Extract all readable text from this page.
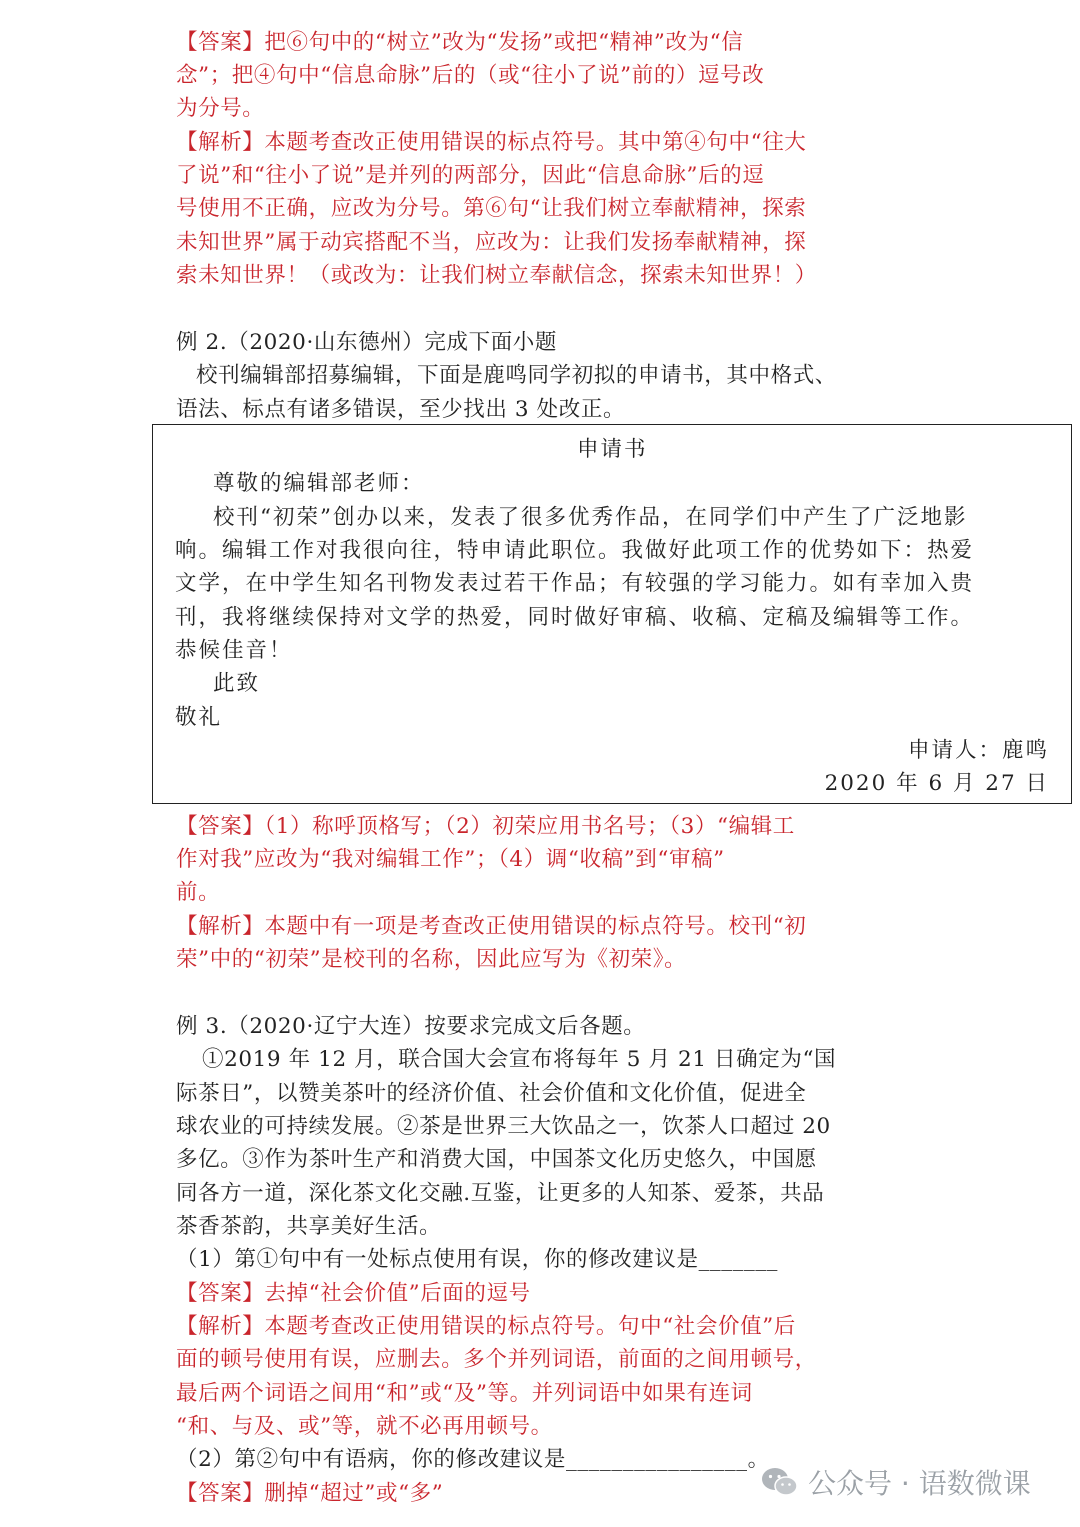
【答案】把⑥句中的“树立”改为“发扬”或把“精神”改为“信
念”；把④句中“信息命脉”后的（或“往小了说”前的）逗号改
为分号。
【解析】本题考查改正使用错误的标点符号。其中第④句中“往大
了说”和“往小了说”是并列的两部分，因此“信息命脉”后的逗
号使用不正确，应改为分号。第⑥句“让我们树立奉献精神，探索
未知世界”属于动宾搭配不当，应改为：让我们发扬奉献精神，探
索未知世界！（或改为：让我们树立奉献信念，探索未知世界！）
例 2.（2020·山东德州）完成下面小题
校刊编辑部招募编辑，下面是鹿鸣同学初拟的申请书，其中格式、
语法、标点有诸多错误，至少找出 3 处改正。
申请书
尊敬的编辑部老师：
校刊“初荣”创办以来，发表了很多优秀作品，在同学们中产生了广泛地影
响。编辑工作对我很向往，特申请此职位。我做好此项工作的优势如下：热爱
文学，在中学生知名刊物发表过若干作品；有较强的学习能力。如有幸加入贵
刊，我将继续保持对文学的热爱，同时做好审稿、收稿、定稿及编辑等工作。
恭候佳音！
此致
敬礼
申请人：鹿鸣
2020 年 6 月 27 日
【答案】（1）称呼顶格写；（2）初荣应用书名号；（3）“编辑工
作对我”应改为“我对编辑工作”；（4）调“收稿”到“审稿”
前。
【解析】本题中有一项是考查改正使用错误的标点符号。校刊“初
荣”中的“初荣”是校刊的名称，因此应写为《初荣》。
例 3.（2020·辽宁大连）按要求完成文后各题。
①2019 年 12 月，联合国大会宣布将每年 5 月 21 日确定为“国
际茶日”，以赞美茶叶的经济价值、社会价值和文化价值，促进全
球农业的可持续发展。②茶是世界三大饮品之一，饮茶人口超过 20
多亿。③作为茶叶生产和消费大国，中国茶文化历史悠久，中国愿
同各方一道，深化茶文化交融.互鉴，让更多的人知茶、爱茶，共品
茶香茶韵，共享美好生活。
（1）第①句中有一处标点使用有误，你的修改建议是_______
【答案】去掉“社会价值”后面的逗号
【解析】本题考查改正使用错误的标点符号。句中“社会价值”后
面的顿号使用有误，应删去。多个并列词语，前面的之间用顿号，
最后两个词语之间用“和”或“及”等。并列词语中如果有连词
“和、与及、或”等，就不必再用顿号。
（2）第②句中有语病，你的修改建议是________________。
【答案】删掉“超过”或“多”	公众号 · 语数微课
